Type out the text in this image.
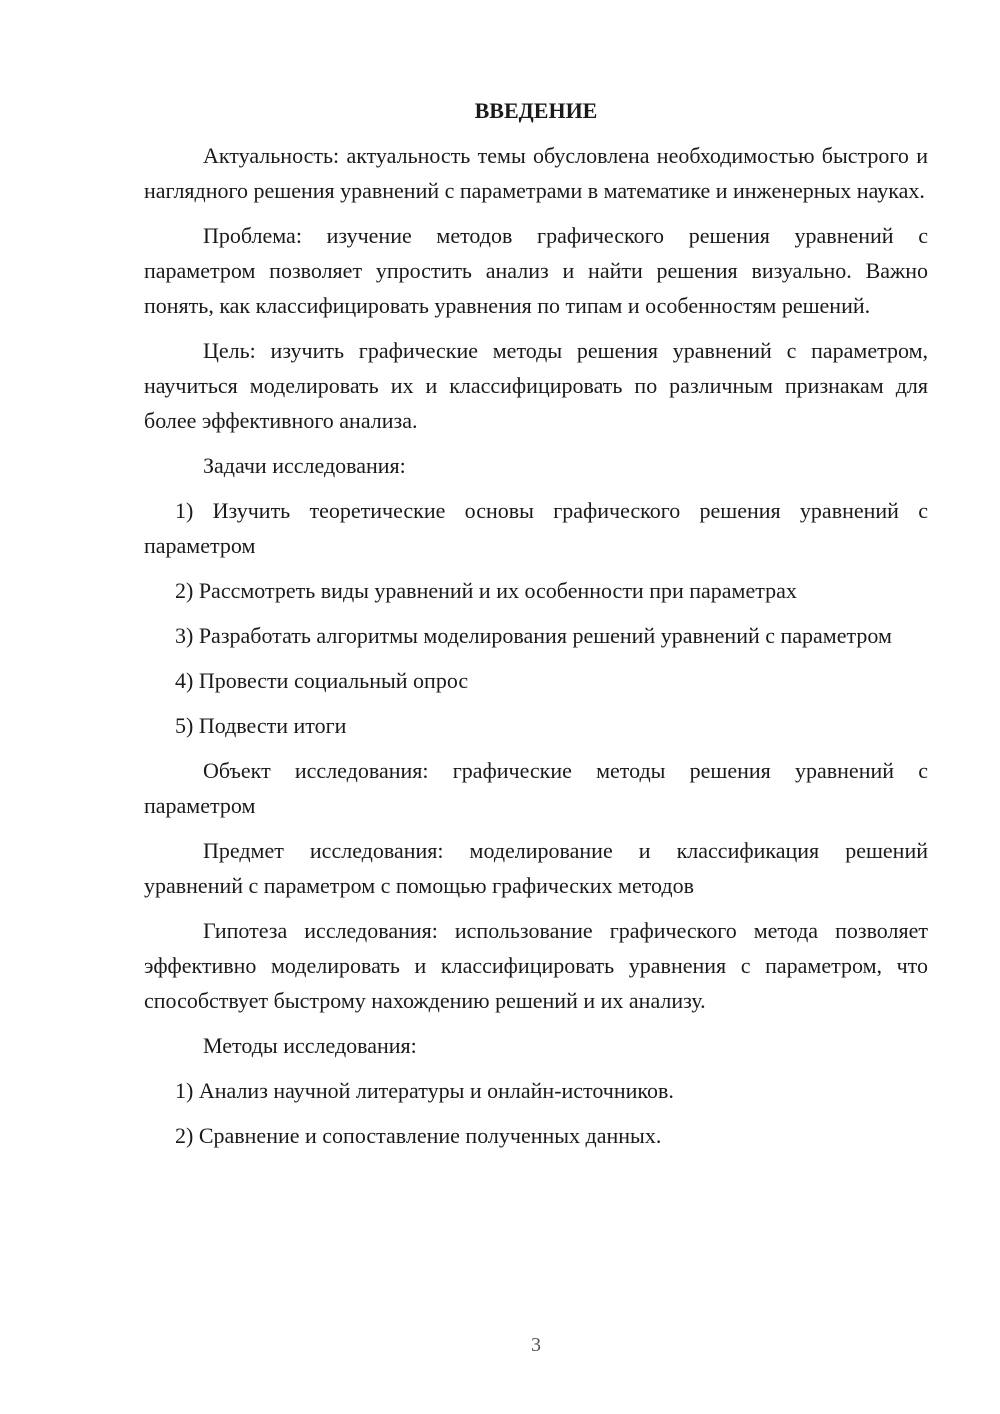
ВВЕДЕНИЕ

Актуальность: актуальность темы обусловлена необходимостью быстрого и наглядного решения уравнений с параметрами в математике и инженерных науках.

Проблема: изучение методов графического решения уравнений с параметром позволяет упростить анализ и найти решения визуально. Важно понять, как классифицировать уравнения по типам и особенностям решений.

Цель: изучить графические методы решения уравнений с параметром, научиться моделировать их и классифицировать по различным признакам для более эффективного анализа.

Задачи исследования:

1) Изучить теоретические основы графического решения уравнений с параметром

2) Рассмотреть виды уравнений и их особенности при параметрах

3) Разработать алгоритмы моделирования решений уравнений с параметром

4) Провести социальный опрос

5) Подвести итоги

Объект исследования: графические методы решения уравнений с параметром

Предмет исследования: моделирование и классификация решений уравнений с параметром с помощью графических методов

Гипотеза исследования: использование графического метода позволяет эффективно моделировать и классифицировать уравнения с параметром, что способствует быстрому нахождению решений и их анализу.

Методы исследования:

1) Анализ научной литературы и онлайн-источников.

2) Сравнение и сопоставление полученных данных.

3
